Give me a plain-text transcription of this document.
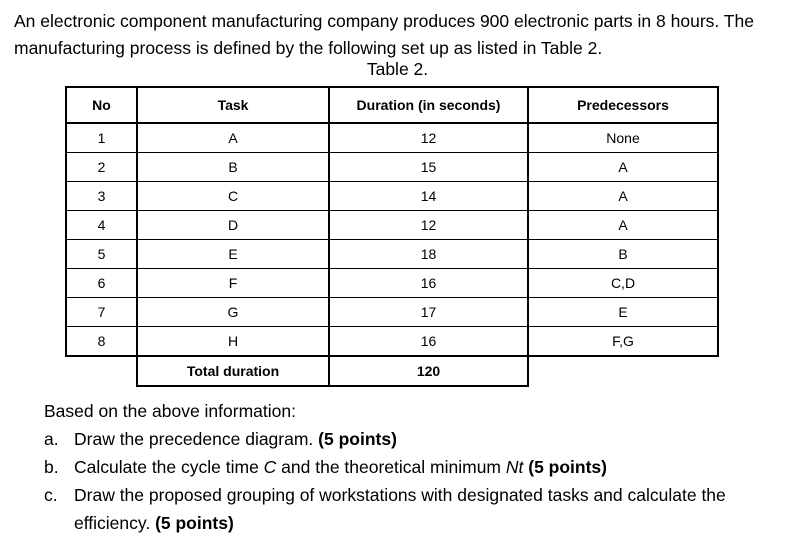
An electronic component manufacturing company produces 900 electronic parts in 8 hours. The manufacturing process is defined by the following set up as listed in Table 2.

Table 2.
No	Task	Duration (in seconds)	Predecessors
1	A	12	None
2	B	15	A
3	C	14	A
4	D	12	A
5	E	18	B
6	F	16	C,D
7	G	17	E
8	H	16	F,G
	Total duration	120	

Based on the above information:

a. Draw the precedence diagram. (5 points)
b. Calculate the cycle time C and the theoretical minimum Nt (5 points)
c. Draw the proposed grouping of workstations with designated tasks and calculate the efficiency. (5 points)
